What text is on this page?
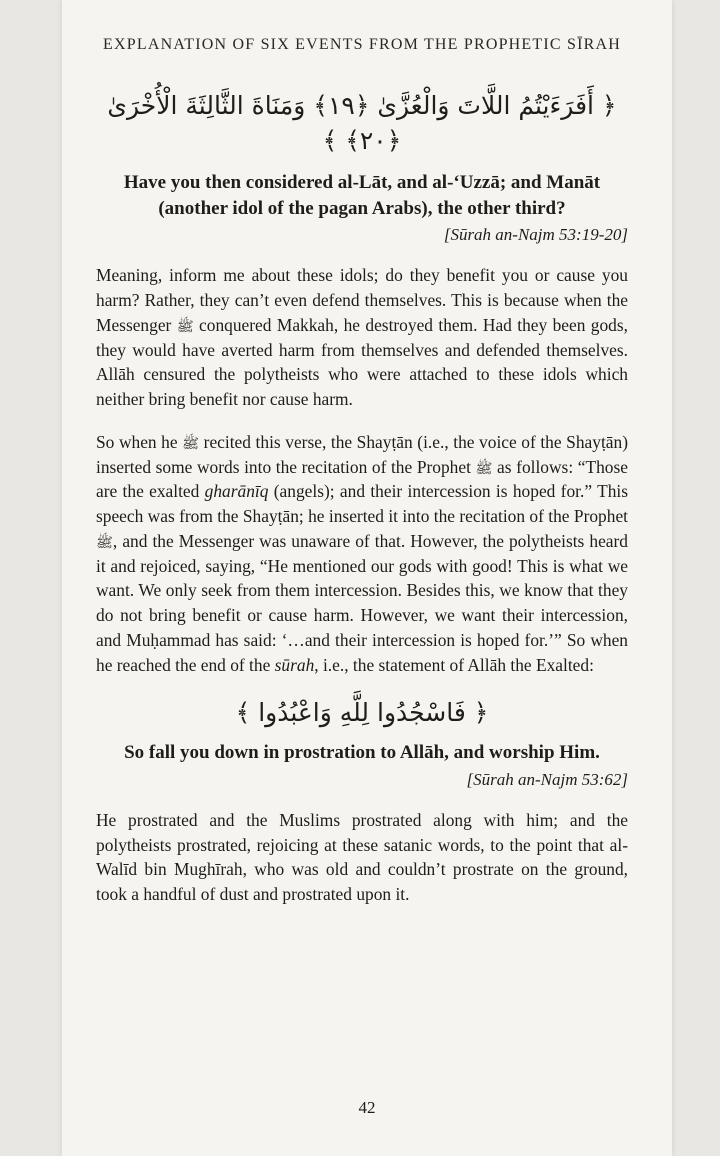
EXPLANATION OF SIX EVENTS FROM THE PROPHETIC SĪRAH
﴿ أَفَرَءَيْتُمُ اللَّاتَ وَالْعُزَّىٰ ﴿١٩﴾ وَمَنَاةَ الثَّالِثَةَ الْأُخْرَىٰ ﴿٢٠﴾ ﴾
Have you then considered al-Lāt, and al-‘Uzzā; and Manāt (another idol of the pagan Arabs), the other third?
[Sūrah an-Najm 53:19-20]

Meaning, inform me about these idols; do they benefit you or cause you harm? Rather, they can’t even defend themselves. This is because when the Messenger ﷺ conquered Makkah, he destroyed them. Had they been gods, they would have averted harm from themselves and defended themselves. Allāh censured the polytheists who were attached to these idols which neither bring benefit nor cause harm.

So when he ﷺ recited this verse, the Shayṭān (i.e., the voice of the Shayṭān) inserted some words into the recitation of the Prophet ﷺ as follows: “Those are the exalted gharānīq (angels); and their intercession is hoped for.” This speech was from the Shayṭān; he inserted it into the recitation of the Prophet ﷺ, and the Messenger was unaware of that. However, the polytheists heard it and rejoiced, saying, “He mentioned our gods with good! This is what we want. We only seek from them intercession. Besides this, we know that they do not bring benefit or cause harm. However, we want their intercession, and Muḥammad has said: ‘…and their intercession is hoped for.’” So when he reached the end of the sūrah, i.e., the statement of Allāh the Exalted:

﴿ فَاسْجُدُوا لِلَّهِ وَاعْبُدُوا ﴾
So fall you down in prostration to Allāh, and worship Him.
[Sūrah an-Najm 53:62]

He prostrated and the Muslims prostrated along with him; and the polytheists prostrated, rejoicing at these satanic words, to the point that al-Walīd bin Mughīrah, who was old and couldn’t prostrate on the ground, took a handful of dust and prostrated upon it.

42
